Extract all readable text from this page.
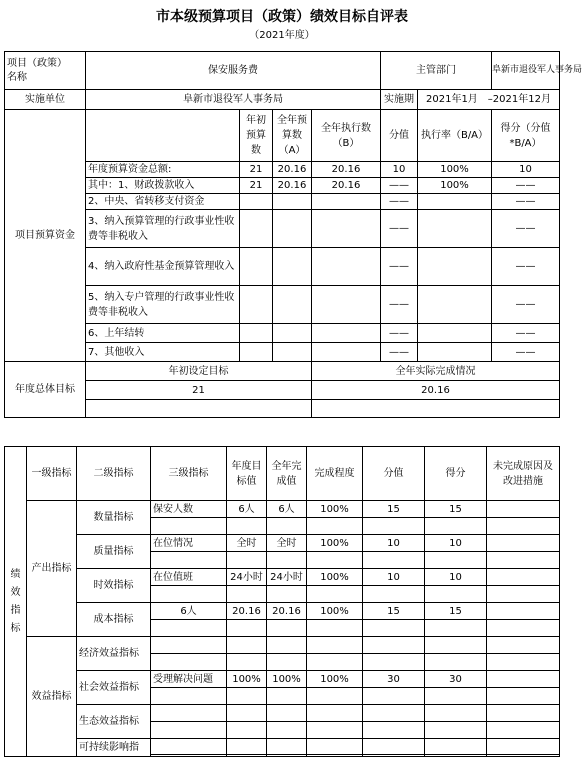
市本级预算项目（政策）绩效目标自评表
（2021年度）
项目（政策）
名称	保安服务费				主管部门		阜新市退役军人事务局
实施单位	阜新市退役军人事务局				实施期	2021年1月　–2021年12月	
项目预算资金		年初预算数	全年预算数（A）	全年执行数（B）	分值	执行率（B/A）	得分（分值*B/A）
	年度预算资金总额:	21	20.16	20.16	10	100%	10
	其中：1、财政拨款收入	21	20.16	20.16	——	100%	——
	2、中央、省转移支付资金				——		——
	3、纳入预算管理的行政事业性收费等非税收入				——		——
	4、纳入政府性基金预算管理收入				——		——
	5、纳入专户管理的行政事业性收费等非税收入				——		——
	6、上年结转				——		——
	7、其他收入				——		——
年度总体目标	年初设定目标			全年实际完成情况			
	21			20.16			

绩效指标	一级指标	二级指标	三级指标	年度目标值	全年完成值	完成程度	分值	得分	未完成原因及改进措施
	产出指标	数量指标	保安人数	6人	6人	100%	15	15	

		质量指标	在位情况	全时	全时	100%	10	10	

		时效指标	在位值班	24小时	24小时	100%	10	10	

		成本指标	6人	20.16	20.16	100%	15	15	

	效益指标	经济效益指标							

		社会效益指标	受理解决问题	100%	100%	100%	30	30	

		生态效益指标							

		可持续影响指							
